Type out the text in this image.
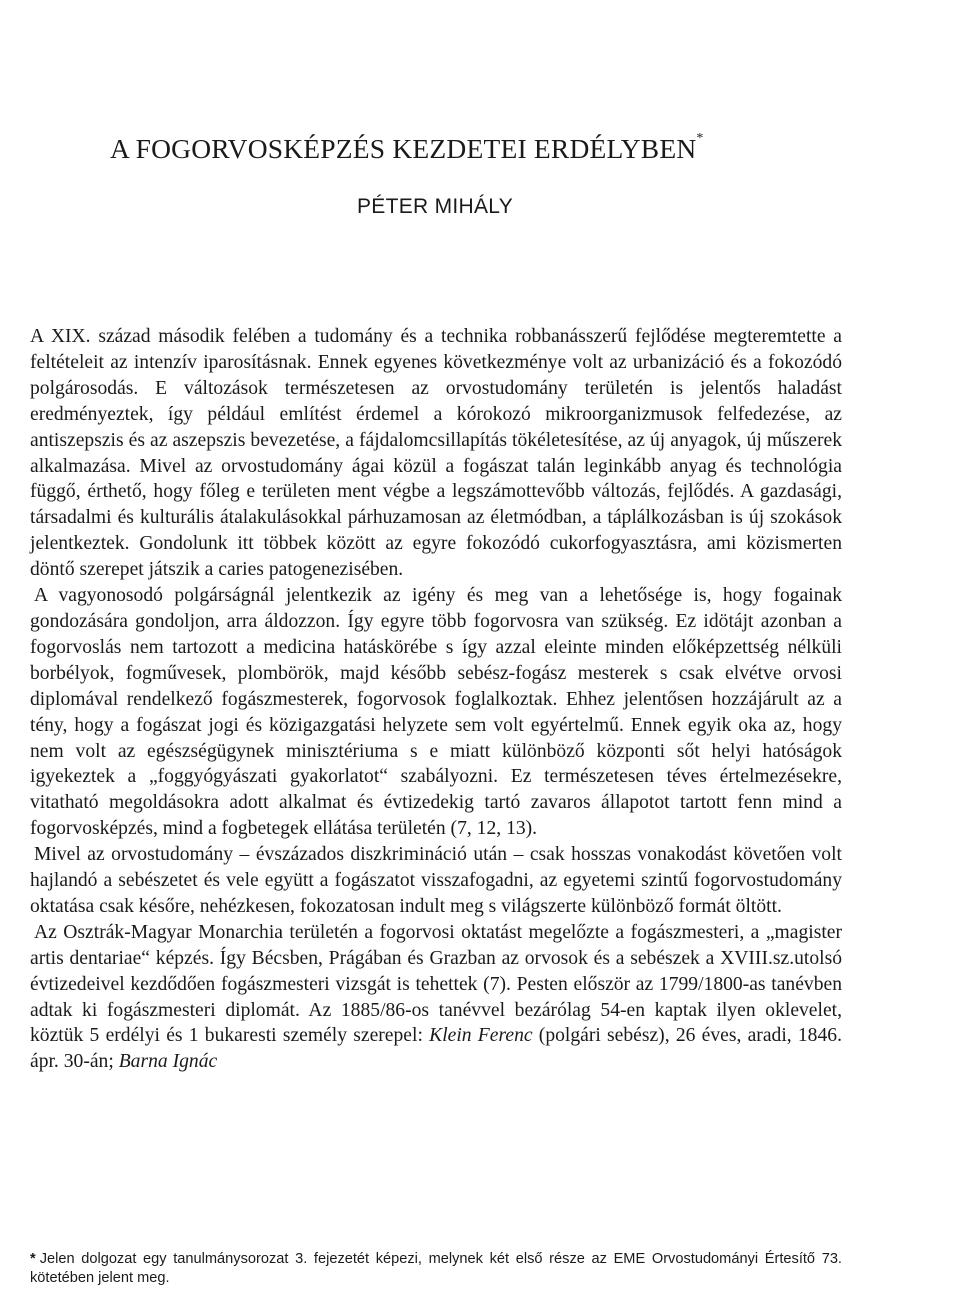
A FOGORVOSKÉPZÉS KEZDETEI ERDÉLYBEN*
PÉTER MIHÁLY

A XIX. század második felében a tudomány és a technika robbanásszerű fejlődése megteremtette a feltételeit az intenzív iparosításnak. Ennek egyenes következménye volt az urbanizáció és a fokozódó polgárosodás. E változások természetesen az orvostudomány területén is jelentős haladást eredményeztek, így például említést érdemel a kórokozó mikroorganizmusok felfedezése, az antiszepszis és az aszepszis bevezetése, a fájdalomcsillapítás tökéletesítése, az új anyagok, új műszerek alkalmazása. Mivel az orvostudomány ágai közül a fogászat talán leginkább anyag és technológia függő, érthető, hogy főleg e területen ment végbe a legszámottevőbb változás, fejlődés. A gazdasági, társadalmi és kulturális átalakulásokkal párhuzamosan az életmódban, a táplálkozásban is új szokások jelentkeztek. Gondolunk itt többek között az egyre fokozódó cukorfogyasztásra, ami közismerten döntő szerepet játszik a caries patogenezisében.

A vagyonosodó polgárságnál jelentkezik az igény és meg van a lehetősége is, hogy fogainak gondozására gondoljon, arra áldozzon. Így egyre több fogorvosra van szükség. Ez idötájt azonban a fogorvoslás nem tartozott a medicina hatáskörébe s így azzal eleinte minden előképzettség nélküli borbélyok, fogművesek, plombörök, majd később sebész-fogász mesterek s csak elvétve orvosi diplomával rendelkező fogászmesterek, fogorvosok foglalkoztak. Ehhez jelentősen hozzájárult az a tény, hogy a fogászat jogi és közigazgatási helyzete sem volt egyértelmű. Ennek egyik oka az, hogy nem volt az egészségügynek minisztériuma s e miatt különböző központi sőt helyi hatóságok igyekeztek a „foggyógyászati gyakorlatot“ szabályozni. Ez természetesen téves értelmezésekre, vitatható megoldásokra adott alkalmat és évtizedekig tartó zavaros állapotot tartott fenn mind a fogorvosképzés, mind a fogbetegek ellátása területén (7, 12, 13).

Mivel az orvostudomány – évszázados diszkrimináció után – csak hosszas vonakodást követően volt hajlandó a sebészetet és vele együtt a fogászatot visszafogadni, az egyetemi szintű fogorvostudomány oktatása csak későre, nehézkesen, fokozatosan indult meg s világszerte különböző formát öltött.

Az Osztrák-Magyar Monarchia területén a fogorvosi oktatást megelőzte a fogászmesteri, a „magister artis dentariae“ képzés. Így Bécsben, Prágában és Grazban az orvosok és a sebészek a XVIII.sz.utolsó évtizedeivel kezdődően fogászmesteri vizsgát is tehettek (7). Pesten először az 1799/1800-as tanévben adtak ki fogászmesteri diplomát. Az 1885/86-os tanévvel bezárólag 54-en kaptak ilyen oklevelet, köztük 5 erdélyi és 1 bukaresti személy szerepel: Klein Ferenc (polgári sebész), 26 éves, aradi, 1846. ápr. 30-án; Barna Ignác

* Jelen dolgozat egy tanulmánysorozat 3. fejezetét képezi, melynek két első része az EME Orvostudományi Értesítő 73. kötetében jelent meg.
